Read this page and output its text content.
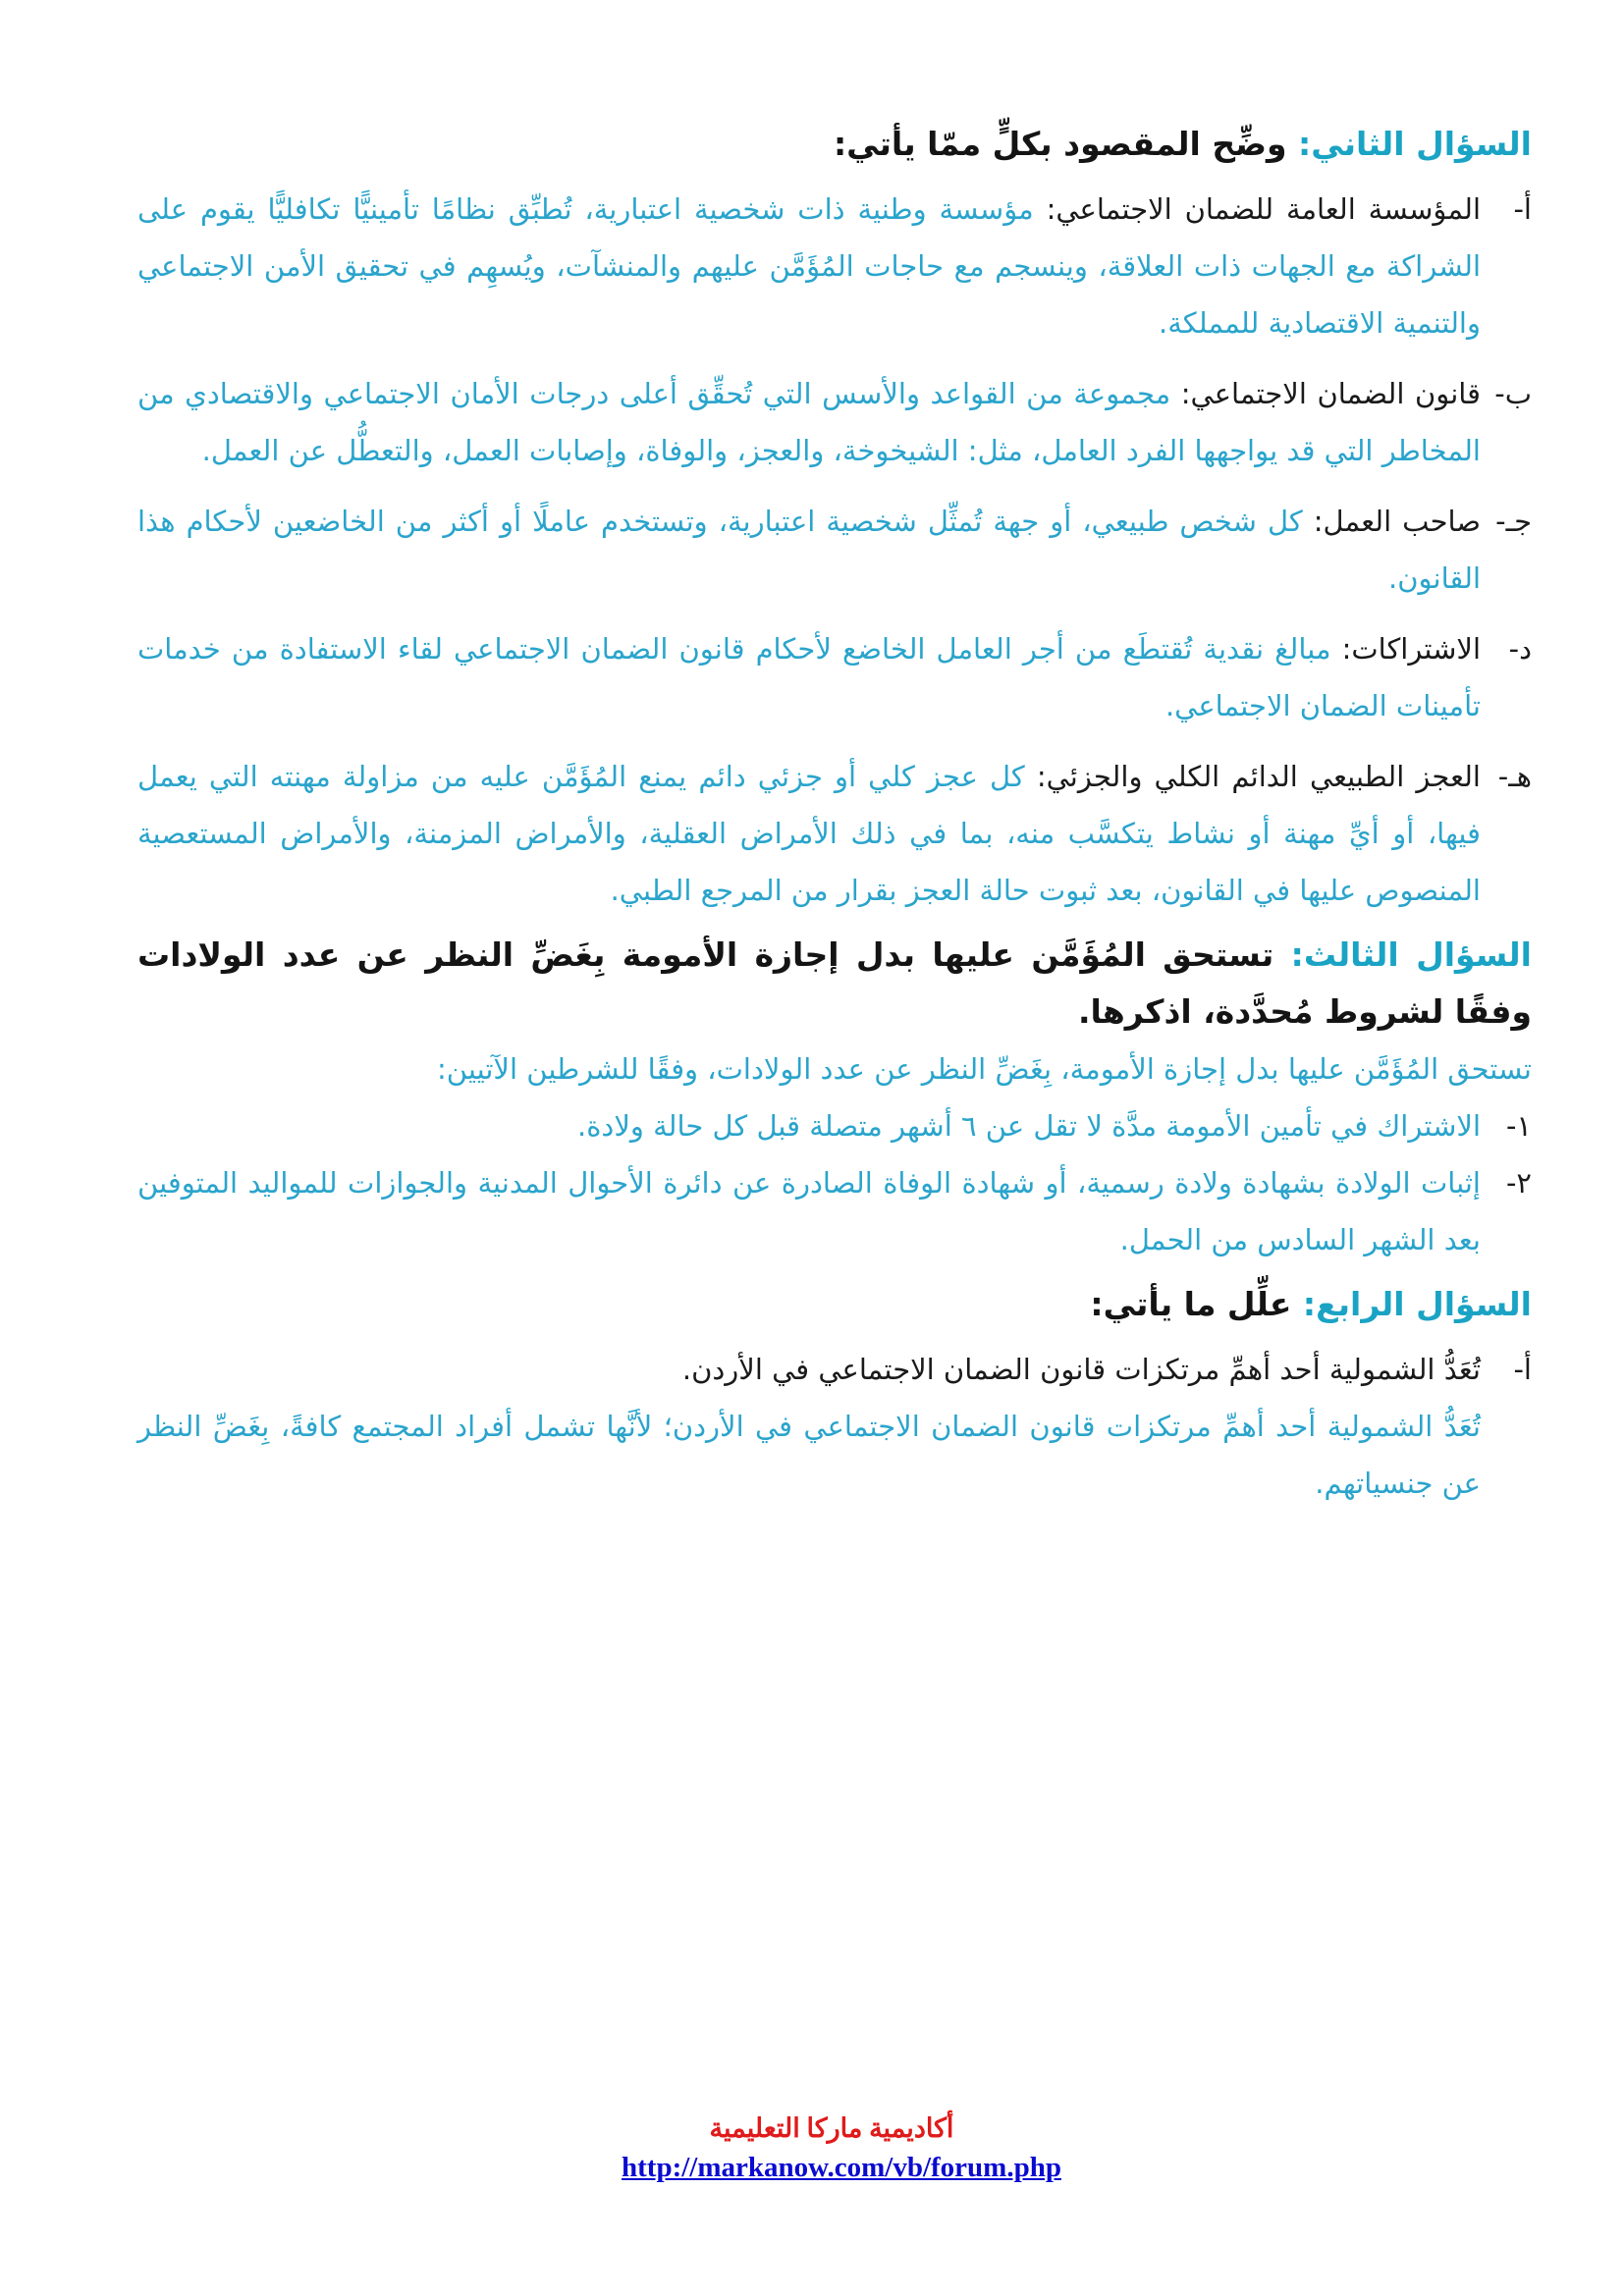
السؤال الثاني: وضِّح المقصود بكلٍّ ممّا يأتي:

أ-
المؤسسة العامة للضمان الاجتماعي: مؤسسة وطنية ذات شخصية اعتبارية، تُطبِّق نظامًا تأمينيًّا تكافليًّا يقوم على الشراكة مع الجهات ذات العلاقة، وينسجم مع حاجات المُؤَمَّن عليهم والمنشآت، ويُسهِم في تحقيق الأمن الاجتماعي والتنمية الاقتصادية للمملكة.
ب-
قانون الضمان الاجتماعي: مجموعة من القواعد والأسس التي تُحقِّق أعلى درجات الأمان الاجتماعي والاقتصادي من المخاطر التي قد يواجهها الفرد العامل، مثل: الشيخوخة، والعجز، والوفاة، وإصابات العمل، والتعطُّل عن العمل.
جـ-
صاحب العمل: كل شخص طبيعي، أو جهة تُمثِّل شخصية اعتبارية، وتستخدم عاملًا أو أكثر من الخاضعين لأحكام هذا القانون.
د-
الاشتراكات: مبالغ نقدية تُقتطَع من أجر العامل الخاضع لأحكام قانون الضمان الاجتماعي لقاء الاستفادة من خدمات تأمينات الضمان الاجتماعي.
هـ-
العجز الطبيعي الدائم الكلي والجزئي: كل عجز كلي أو جزئي دائم يمنع المُؤَمَّن عليه من مزاولة مهنته التي يعمل فيها، أو أيِّ مهنة أو نشاط يتكسَّب منه، بما في ذلك الأمراض العقلية، والأمراض المزمنة، والأمراض المستعصية المنصوص عليها في القانون، بعد ثبوت حالة العجز بقرار من المرجع الطبي.

السؤال الثالث: تستحق المُؤَمَّن عليها بدل إجازة الأمومة بِغَضِّ النظر عن عدد الولادات وفقًا لشروط مُحدَّدة، اذكرها.

تستحق المُؤَمَّن عليها بدل إجازة الأمومة، بِغَضِّ النظر عن عدد الولادات، وفقًا للشرطين الآتيين:

١-
الاشتراك في تأمين الأمومة مدَّة لا تقل عن ٦ أشهر متصلة قبل كل حالة ولادة.
٢-
إثبات الولادة بشهادة ولادة رسمية، أو شهادة الوفاة الصادرة عن دائرة الأحوال المدنية والجوازات للمواليد المتوفين بعد الشهر السادس من الحمل.

السؤال الرابع: علِّل ما يأتي:

أ-
تُعَدُّ الشمولية أحد أهمِّ مرتكزات قانون الضمان الاجتماعي في الأردن.
تُعَدُّ الشمولية أحد أهمِّ مرتكزات قانون الضمان الاجتماعي في الأردن؛ لأنَّها تشمل أفراد المجتمع كافةً، بِغَضِّ النظر عن جنسياتهم.
أكاديمية ماركا التعليمية
http://markanow.com/vb/forum.php
